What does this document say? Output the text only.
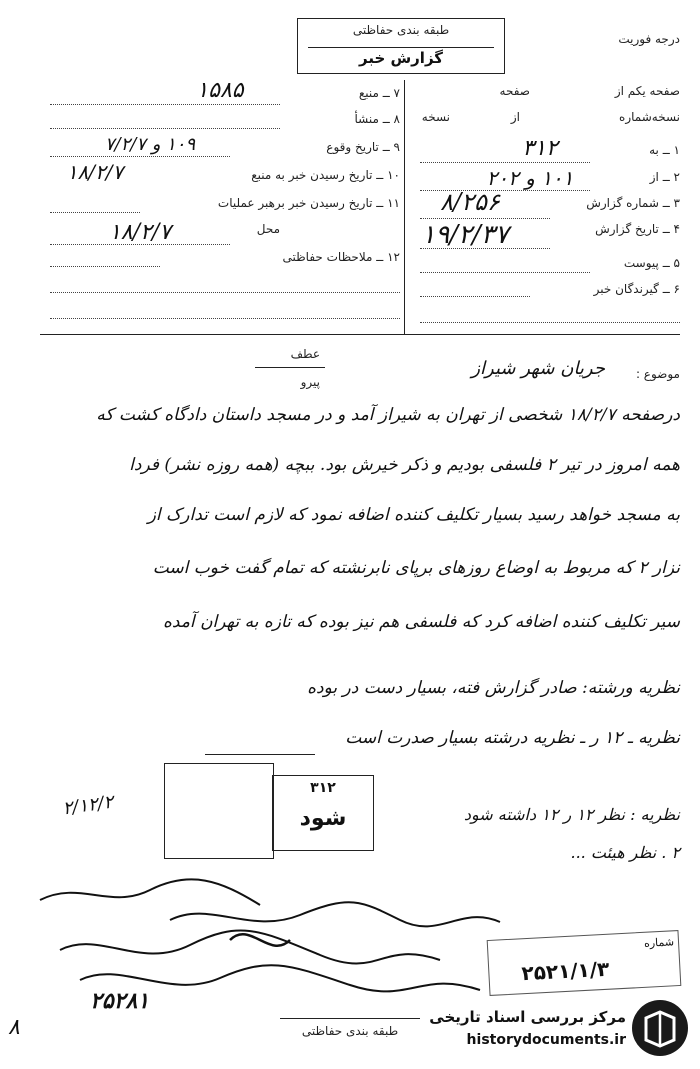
درجه فوریت
طبقه بندی حفاظتی
گزارش خبر
صفحه یکم از
صفحه
نسخه‌شماره
از
نسخه
۱ ــ به
۳۱۲
۲ ــ از
۱۰۱ و ۲۰۲
۳ ــ شماره گزارش
۸/۲۵۶
۴ ــ تاریخ گزارش
۱۹/۲/۳۷
۵ ــ پیوست
۶ ــ گیرندگان خبر
۷ ــ منبع
۱۵۸۵
۸ ــ منشأ
۹ ــ تاریخ وقوع
۱۰۹ و ۷/۲/۷
۱۰ ــ تاریخ رسیدن خبر به منبع
۱۸/۲/۷
۱۱ ــ تاریخ رسیدن خبر برهبر عملیات
محل
۱۸/۲/۷
۱۲ ــ ملاحظات حفاظتی
عطف
پیرو
موضوع :
جریان شهر شیراز
درصفحه ۱۸/۲/۷ شخصی از تهران به شیراز آمد و در مسجد داستان دادگاه کشت که
همه امروز در تیر ۲ فلسفی بودیم و ذکر خیرش بود. ببچه (همه روزه نشر) فردا
به مسجد خواهد رسید بسیار تکلیف کننده اضافه نمود که لازم است تدارک از
نزار ۲ که مربوط به اوضاع روزهای برپای نابرنشته که تمام گفت خوب است
سیر تکلیف کننده اضافه کرد که فلسفی هم نیز بوده که تازه به تهران آمده
نظریه ورشته: صادر گزارش فته، بسیار دست در بوده
نظریه ـ ۱۲ ر ـ نظریه درشته بسیار صدرت است
۲/۱۲/۲	نظریه : نظر ۱۲ ر ۱۲ داشته شود
۲ . نظر هیئت ...
۳۱۲
شود
شماره
۲۵۲۱/۱/۳
۸
۲۵۲۸۱
طبقه بندی حفاظتی
مرکز بررسی اسناد تاریخی
historydocuments.ir
